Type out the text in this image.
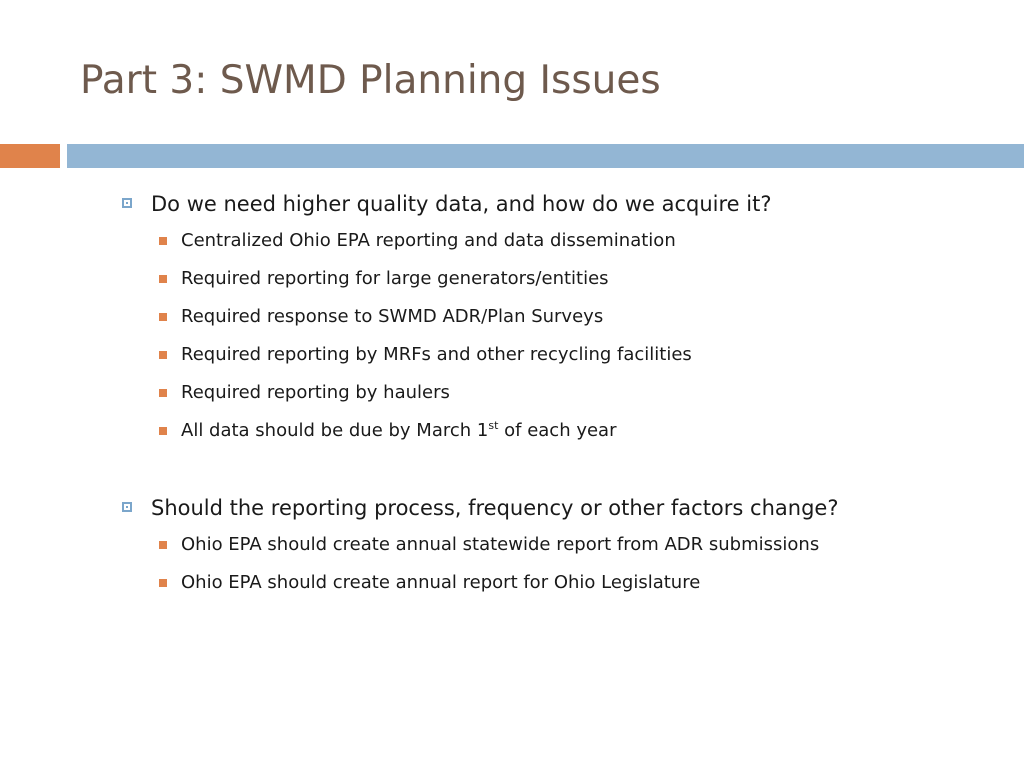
Part 3: SWMD Planning Issues
Do we need higher quality data, and how do we acquire it?
Centralized Ohio EPA reporting and data dissemination
Required reporting for large generators/entities
Required response to SWMD ADR/Plan Surveys
Required reporting by MRFs and other recycling facilities
Required reporting by haulers
All data should be due by March 1st of each year
Should the reporting process, frequency or other factors change?
Ohio EPA should create annual statewide report from ADR submissions
Ohio EPA should create annual report for Ohio Legislature
